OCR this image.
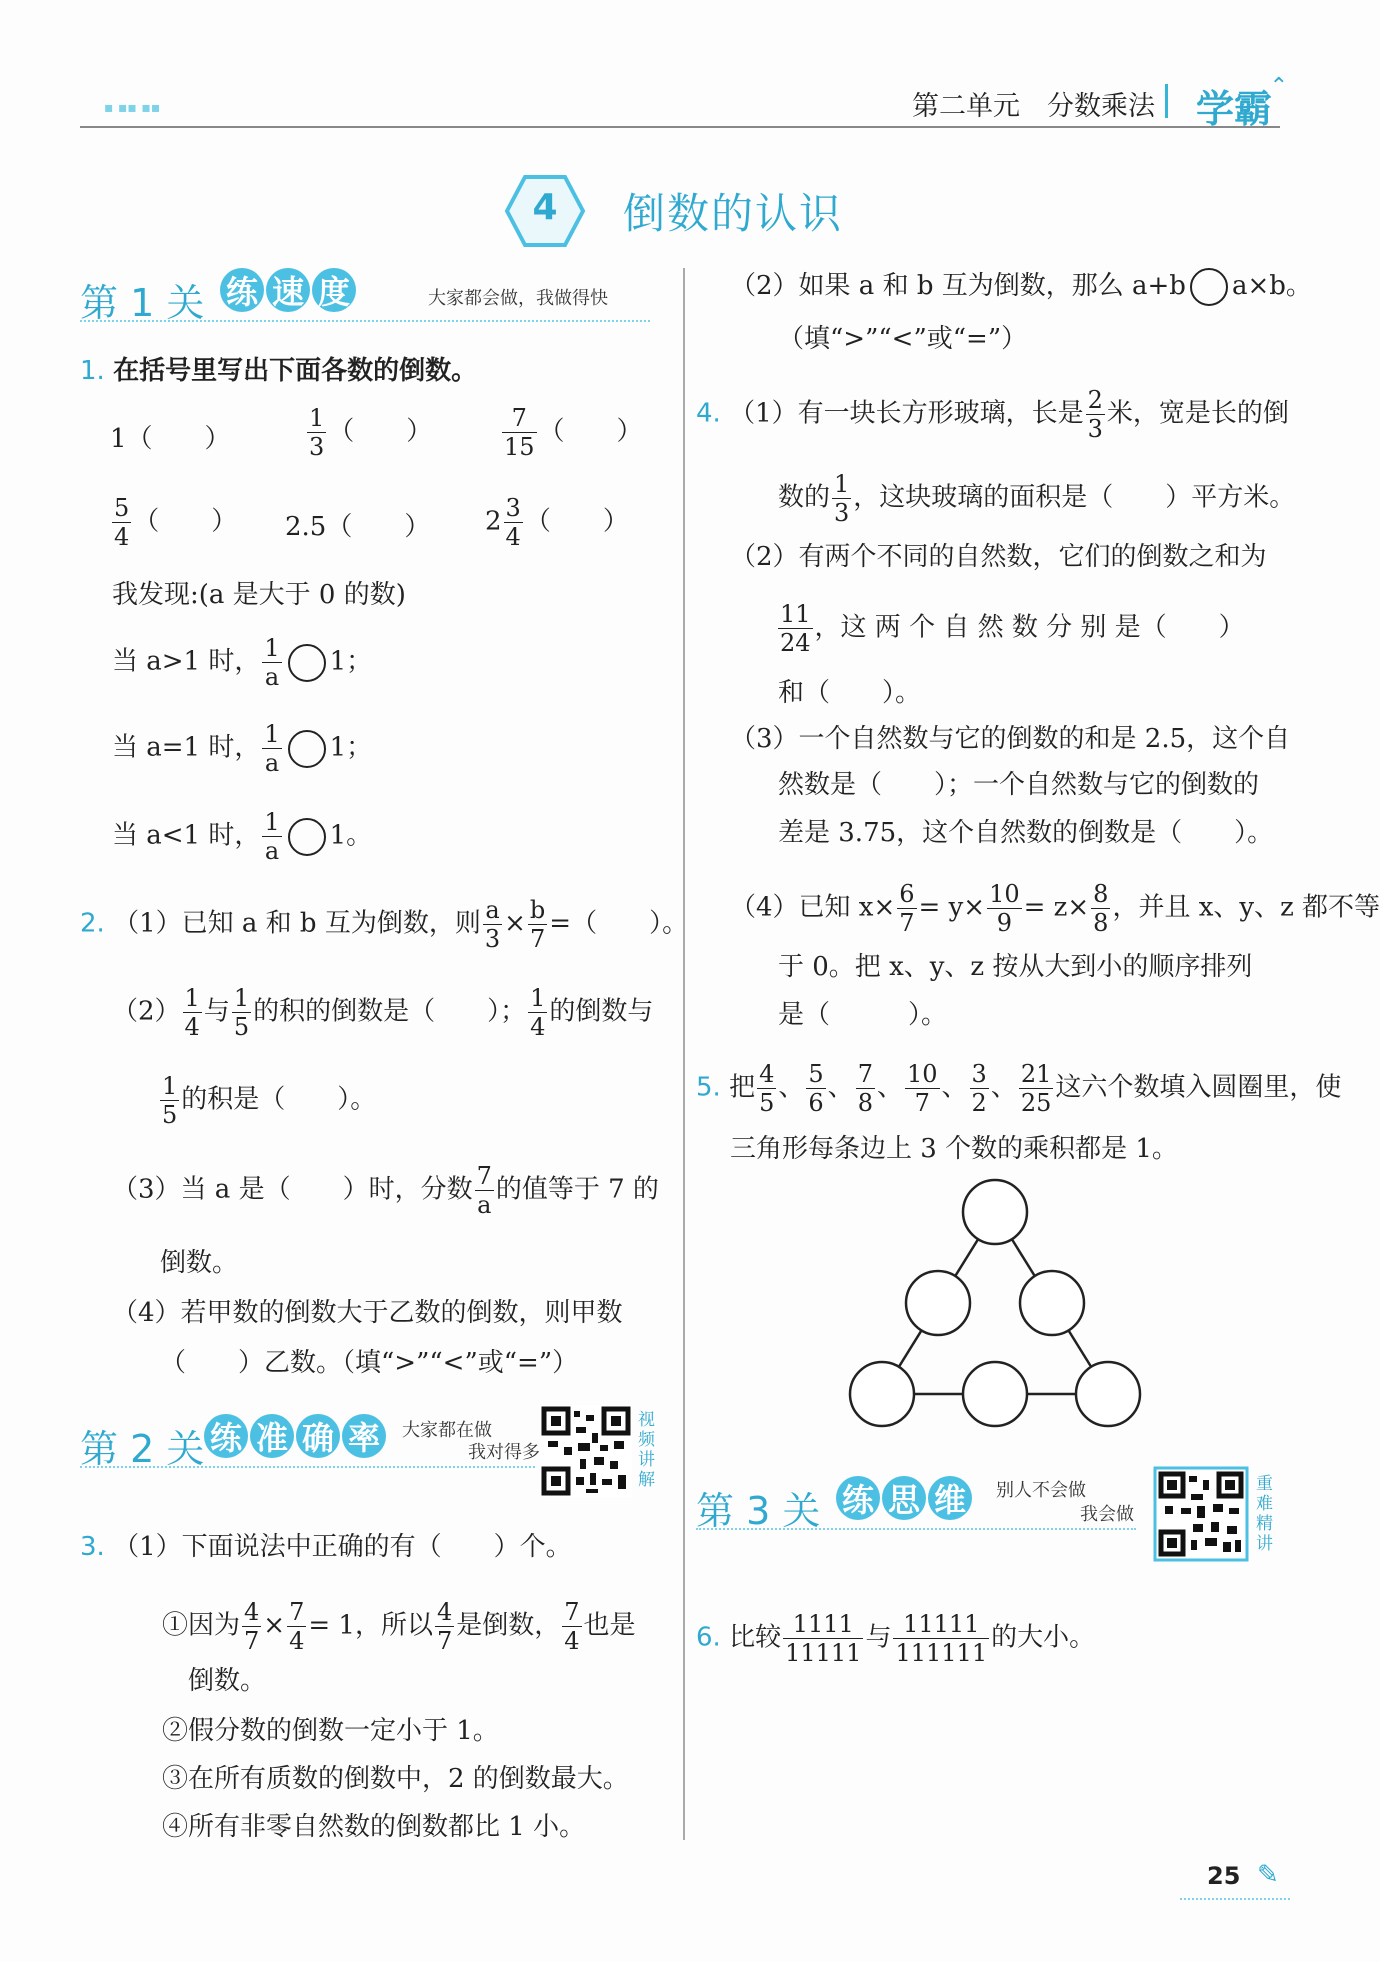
▪ ▪▪ ▪▪	第二单元 分数乘法 学霸
⌃
4	倒数的认识
第 1 关 练 速 度	大家都会做，我做得快
1. 在括号里写出下面各数的倒数。
1（　　）	$\frac{1}{3}$ （　　）	$\frac{7}{15}$ （　　）
$\frac{5}{4}$ （　　） 2.5（　　） $2 \frac{3}{4}$ （　　）
我发现:(a 是大于 0 的数)
当 a>1 时， $\frac{1}{a} 1$；
当 a=1 时， $\frac{1}{a} 1$；
当 a<1 时， $\frac{1}{a} 1$。
2. （1）已知 a 和 b 互为倒数，则 $\frac{a}{3} \times \frac{b}{7}$ =（　　）。
$(2) \frac{1}{4}$ 与 $\frac{1}{5}$ 的积的倒数是（　　）； $\frac{1}{4}$ 的倒数与
$\frac{1}{5}$ 的积是（　　）。
（3）当 a 是（　　）时，分数 $\frac{7}{a}$ 的值等于 7 的
倒数。
（4）若甲数的倒数大于乙数的倒数，则甲数
（　　）乙数。（填“>”“<”或“=”）
第 2 关 练 准 确 率	大家都在做
我对得多
视频讲解
3. （1）下面说法中正确的有（　　）个。
①因为 $\frac{4}{7} \times \frac{7}{4} = 1$，所以 $\frac{4}{7}$ 是倒数， $\frac{7}{4}$ 也是
倒数。
②假分数的倒数一定小于 1。
③在所有质数的倒数中，2 的倒数最大。
④所有非零自然数的倒数都比 1 小。
（2）如果 a 和 b 互为倒数，那么 a+b a×b。
（填“>”“<”或“=”）
4. （1）有一块长方形玻璃，长是 $\frac{2}{3}$ 米，宽是长的倒
数的 $\frac{1}{3}$ ，这块玻璃的面积是（　　）平方米。
（2）有两个不同的自然数，它们的倒数之和为
$\frac{11}{24}$ ，这 两 个 自 然 数 分 别 是（　　）
和（　　）。
（3）一个自然数与它的倒数的和是 2.5，这个自
然数是（　　）；一个自然数与它的倒数的
差是 3.75，这个自然数的倒数是（　　）。
（4）已知 $x\times \frac{6}{7} = y\times \frac{10}{9} = z\times \frac{8}{8}$ ，并且 x、y、z 都不等
于 0。把 x、y、z 按从大到小的顺序排列
是（　　　）。
5. 把 $\frac{4}{5}$ 、 $\frac{5}{6}$ 、 $\frac{7}{8}$ 、 $\frac{10}{7}$ 、 $\frac{3}{2}$ 、 $\frac{21}{25}$ 这六个数填入圆圈里，使
三角形每条边上 3 个数的乘积都是 1。
第 3 关 练 思 维	别人不会做
我会做
重难精讲
6. 比较 $\frac{1111}{11111}$ 与 $\frac{11111}{111111}$ 的大小。
25 ✎
